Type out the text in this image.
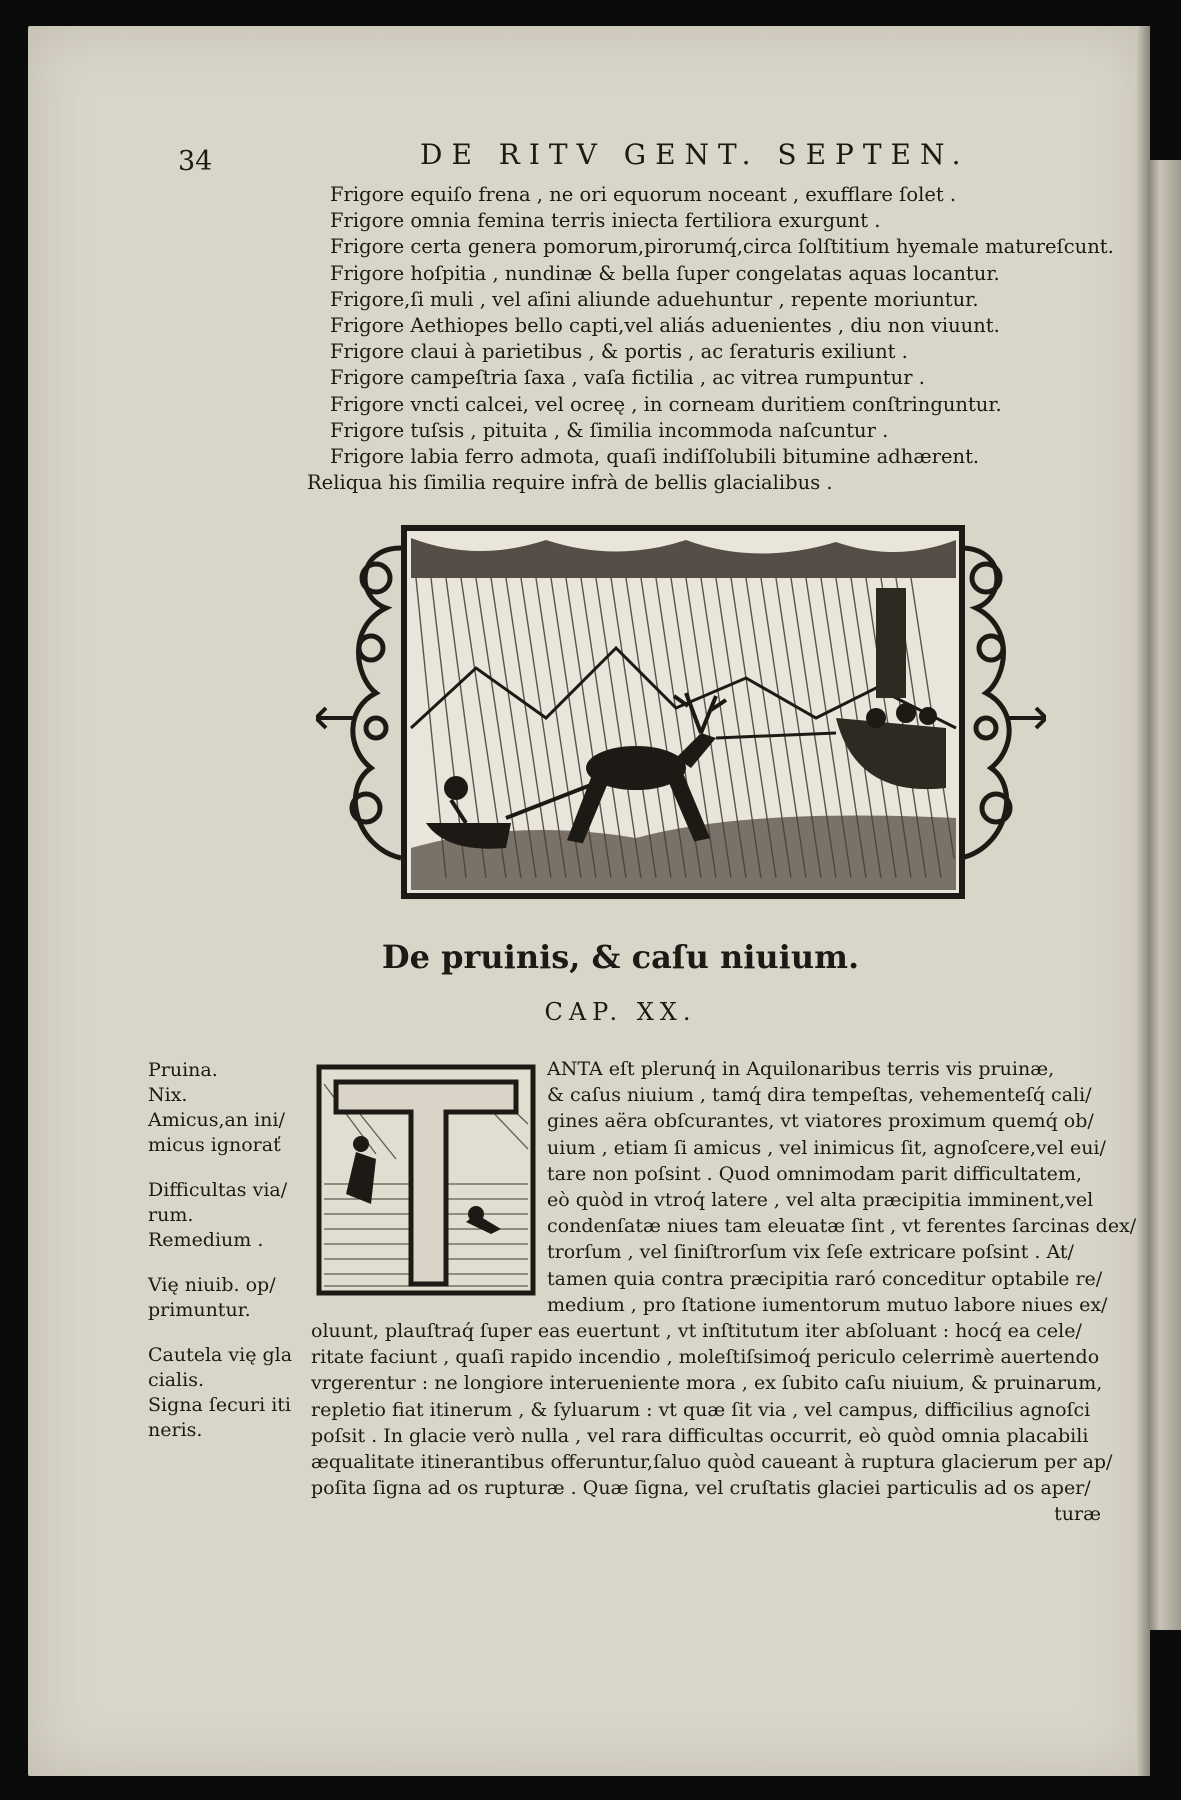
34	DE RITV GENT. SEPTEN.
Frigore equiſo frena , ne ori equorum noceant , exufflare ſolet .
Frigore omnia femina terris iniecta fertiliora exurgunt .
Frigore certa genera pomorum,pirorumq́,circa ſolſtitium hyemale matureſcunt.
Frigore hoſpitia , nundinæ & bella ſuper congelatas aquas locantur.
Frigore,ſi muli , vel aſini aliunde aduehuntur , repente moriuntur.
Frigore Aethiopes bello capti,vel aliás aduenientes , diu non viuunt.
Frigore claui à parietibus , & portis , ac ſeraturis exiliunt .
Frigore campeſtria ſaxa , vaſa fictilia , ac vitrea rumpuntur .
Frigore vncti calcei, vel ocreę , in corneam duritiem conſtringuntur.
Frigore tuſsis , pituita , & ſimilia incommoda naſcuntur .
Frigore labia ferro admota, quaſi indiſſolubili bitumine adhærent.
Reliqua his ſimilia require infrà de bellis glacialibus .
De pruinis, & caſu niuium.
CAP. XX.

Pruina.

Nix.

Amicus,an ini/

micus ignorať

Difficultas via/

rum.

Remedium .

Vię niuib. op/

primuntur.

Cautela vię gla

cialis.

Signa ſecuri iti

neris.

ANTA eſt plerunq́ in Aquilonaribus terris vis pruinæ,
& caſus niuium , tamq́ dira tempeſtas, vehementeſq́ cali/
gines aëra obſcurantes, vt viatores proximum quemq́ ob/
uium , etiam ſi amicus , vel inimicus ſit, agnoſcere,vel eui/
tare non poſsint . Quod omnimodam parit difficultatem,
eò quòd in vtroq́ latere , vel alta præcipitia imminent,vel
condenſatæ niues tam eleuatæ ſint , vt ferentes ſarcinas dex/
trorſum , vel ſiniſtrorſum vix ſeſe extricare poſsint . At/
tamen quia contra præcipitia raró conceditur optabile re/
medium , pro ſtatione iumentorum mutuo labore niues ex/
oluunt, plauſtraq́ ſuper eas euertunt , vt inſtitutum iter abſoluant : hocq́ ea cele/
ritate faciunt , quaſi rapido incendio , moleſtiſsimoq́ periculo celerrimè auertendo
vrgerentur : ne longiore interueniente mora , ex ſubito caſu niuium, & pruinarum,
repletio fiat itinerum , & ſyluarum : vt quæ ſit via , vel campus, difficilius agnoſci
poſsit . In glacie verò nulla , vel rara difficultas occurrit, eò quòd omnia placabili
æqualitate itinerantibus offeruntur,ſaluo quòd caueant à ruptura glacierum per ap/
poſita ſigna ad os rupturæ . Quæ ſigna, vel cruſtatis glaciei particulis ad os aper/
turæ
